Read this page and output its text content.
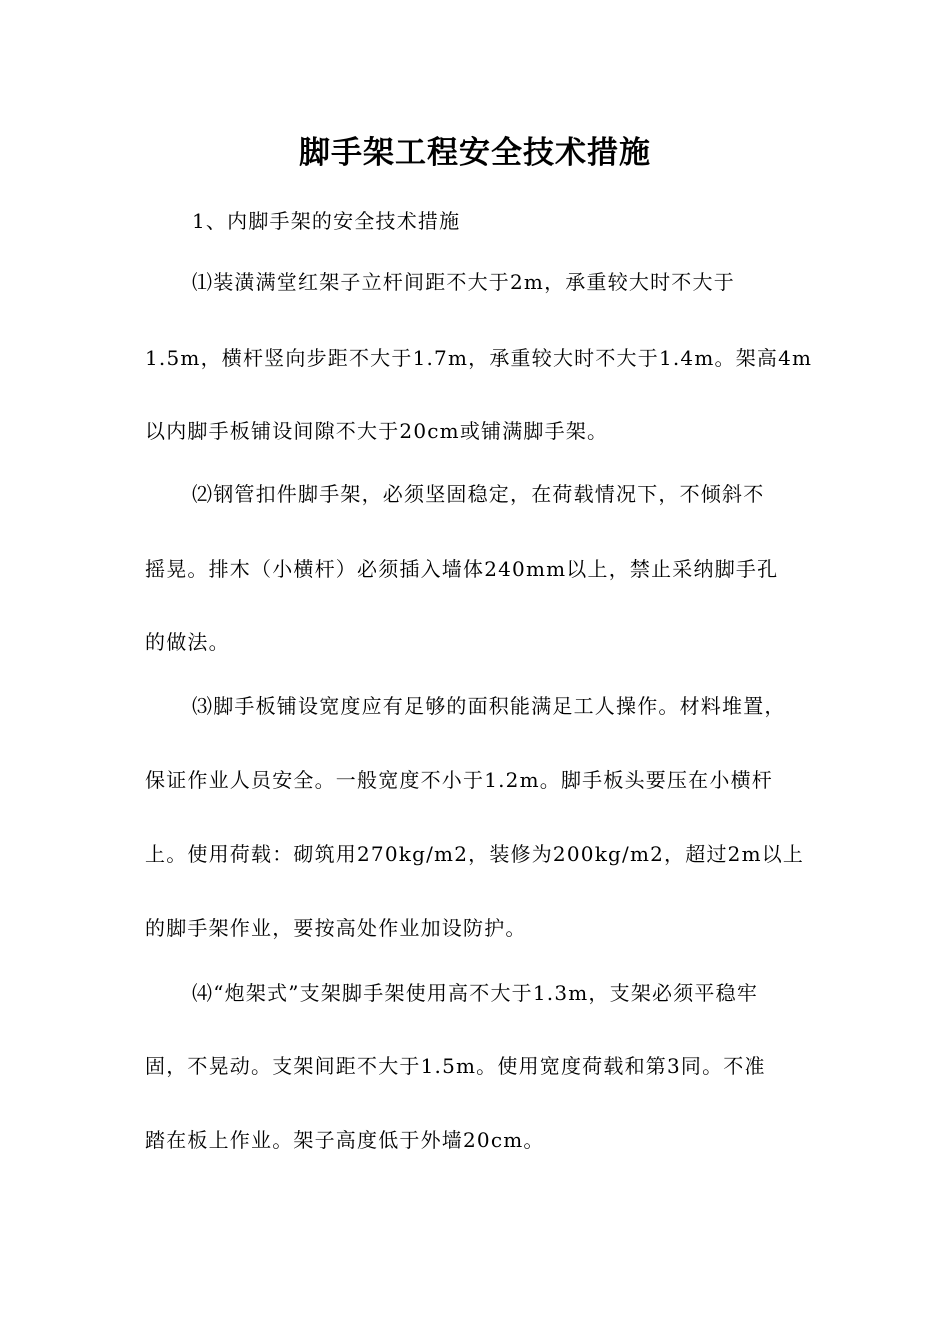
脚手架工程安全技术措施
1、内脚手架的安全技术措施
⑴装潢满堂红架子立杆间距不大于2m，承重较大时不大于
1.5m，横杆竖向步距不大于1.7m，承重较大时不大于1.4m。架高4m
以内脚手板铺设间隙不大于20cm或铺满脚手架。
⑵钢管扣件脚手架，必须坚固稳定，在荷载情况下，不倾斜不
摇晃。排木（小横杆）必须插入墙体240mm以上，禁止采纳脚手孔
的做法。
⑶脚手板铺设宽度应有足够的面积能满足工人操作。材料堆置，
保证作业人员安全。一般宽度不小于1.2m。脚手板头要压在小横杆
上。使用荷载：砌筑用270kg/m2，装修为200kg/m2，超过2m以上
的脚手架作业，要按高处作业加设防护。
⑷“炮架式”支架脚手架使用高不大于1.3m，支架必须平稳牢
固，不晃动。支架间距不大于1.5m。使用宽度荷载和第3同。不准
踏在板上作业。架子高度低于外墙20cm。
